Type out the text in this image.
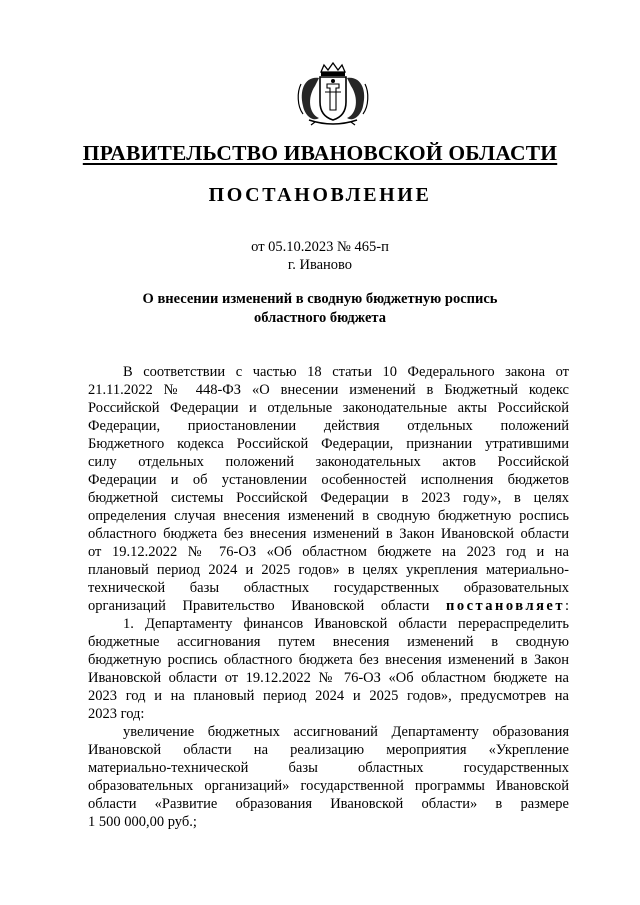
ПРАВИТЕЛЬСТВО ИВАНОВСКОЙ ОБЛАСТИ
ПОСТАНОВЛЕНИЕ
от 05.10.2023 № 465-п
г. Иваново
О внесении изменений в сводную бюджетную роспись
областного бюджета

В соответствии с частью 18 статьи 10 Федерального закона от

21.11.2022 № 448-ФЗ «О внесении изменений в Бюджетный кодекс

Российской Федерации и отдельные законодательные акты Российской

Федерации, приостановлении действия отдельных положений

Бюджетного кодекса Российской Федерации, признании утратившими

силу отдельных положений законодательных актов Российской

Федерации и об установлении особенностей исполнения бюджетов

бюджетной системы Российской Федерации в 2023 году», в целях

определения случая внесения изменений в сводную бюджетную роспись

областного бюджета без внесения изменений в Закон Ивановской области

от 19.12.2022 № 76-ОЗ «Об областном бюджете на 2023 год и на

плановый период 2024 и 2025 годов» в целях укрепления материально-

технической базы областных государственных образовательных

организаций Правительство Ивановской области постановляет:

1. Департаменту финансов Ивановской области перераспределить

бюджетные ассигнования путем внесения изменений в сводную

бюджетную роспись областного бюджета без внесения изменений в Закон

Ивановской области от 19.12.2022 № 76-ОЗ «Об областном бюджете на

2023 год и на плановый период 2024 и 2025 годов», предусмотрев на

2023 год:

увеличение бюджетных ассигнований Департаменту образования

Ивановской области на реализацию мероприятия «Укрепление

материально-технической базы областных государственных

образовательных организаций» государственной программы Ивановской

области «Развитие образования Ивановской области» в размере

1 500 000,00 руб.;
